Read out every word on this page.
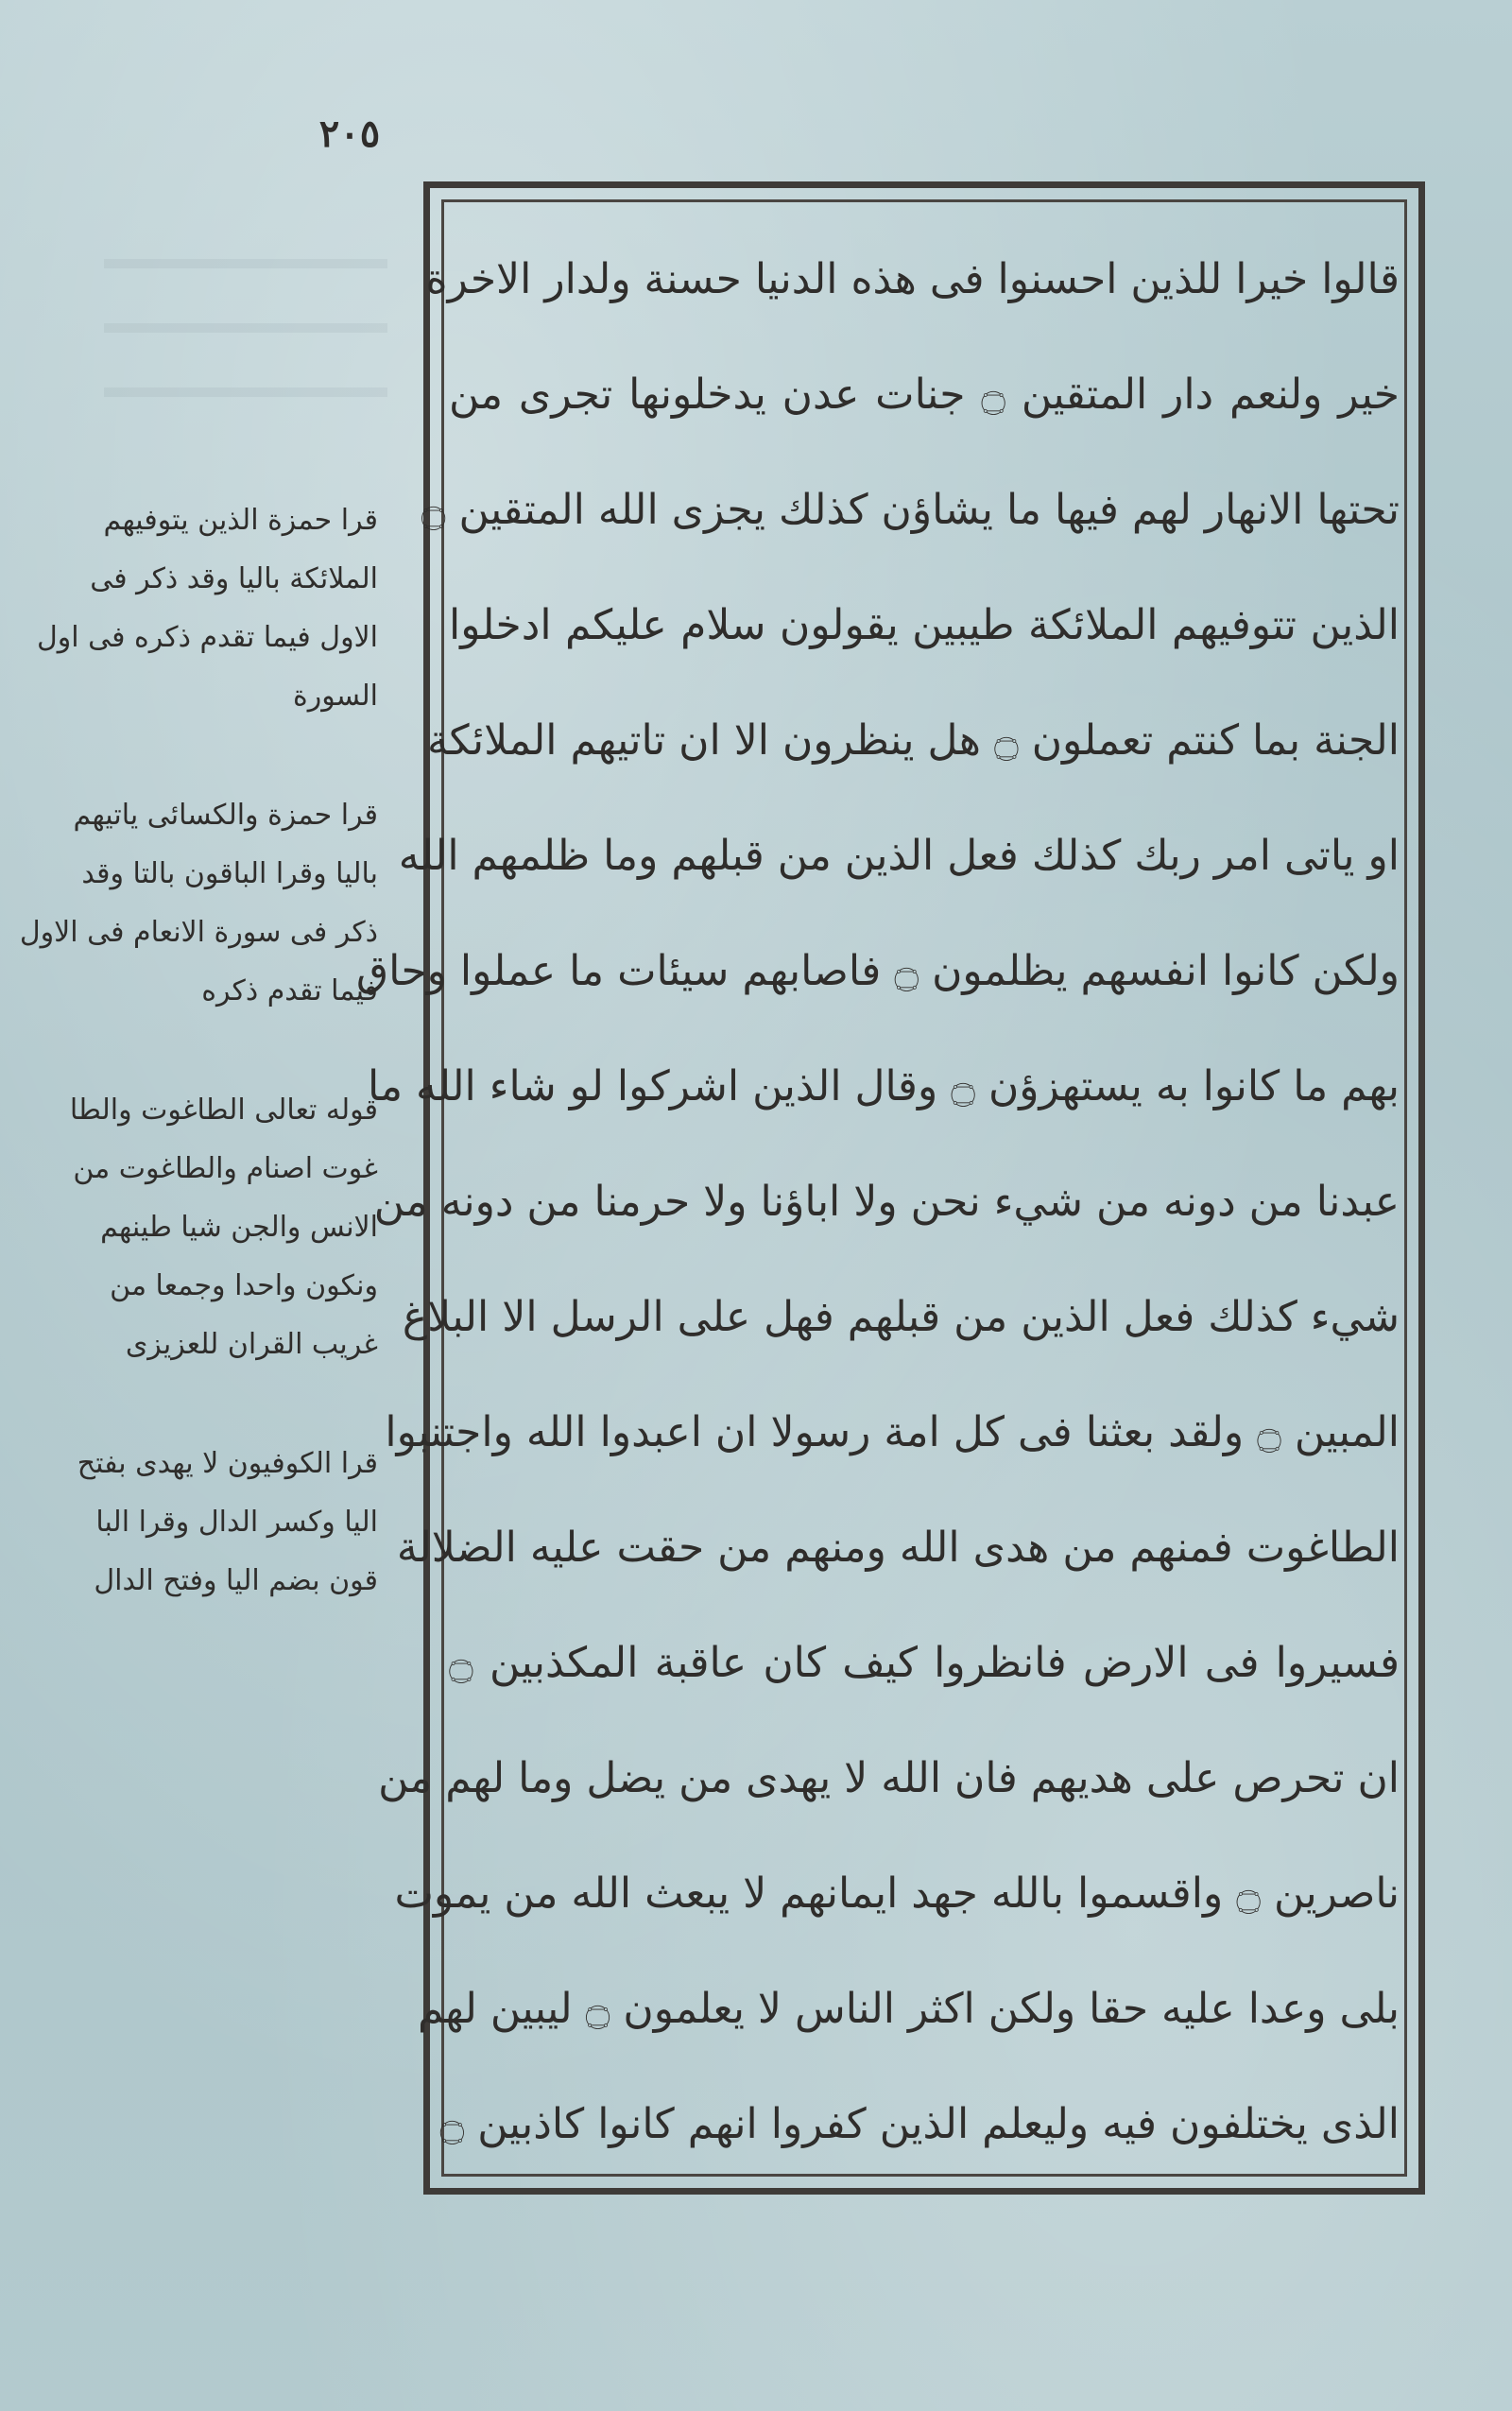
٢٠٥
قالوا خيرا للذين احسنوا فى هذه الدنيا حسنة ولدار الاخرة
خير ولنعم دار المتقين ۝ جنات عدن يدخلونها تجرى من
تحتها الانهار لهم فيها ما يشاؤن كذلك يجزى الله المتقين ۝
الذين تتوفيهم الملائكة طيبين يقولون سلام عليكم ادخلوا
الجنة بما كنتم تعملون ۝ هل ينظرون الا ان تاتيهم الملائكة
او ياتى امر ربك كذلك فعل الذين من قبلهم وما ظلمهم الله
ولكن كانوا انفسهم يظلمون ۝ فاصابهم سيئات ما عملوا وحاق
بهم ما كانوا به يستهزؤن ۝ وقال الذين اشركوا لو شاء الله ما
عبدنا من دونه من شيء نحن ولا اباؤنا ولا حرمنا من دونه من
شيء كذلك فعل الذين من قبلهم فهل على الرسل الا البلاغ
المبين ۝ ولقد بعثنا فى كل امة رسولا ان اعبدوا الله واجتنبوا
الطاغوت فمنهم من هدى الله ومنهم من حقت عليه الضلالة
فسيروا فى الارض فانظروا كيف كان عاقبة المكذبين ۝
ان تحرص على هديهم فان الله لا يهدى من يضل وما لهم من
ناصرين ۝ واقسموا بالله جهد ايمانهم لا يبعث الله من يموت
بلى وعدا عليه حقا ولكن اكثر الناس لا يعلمون ۝ ليبين لهم
الذى يختلفون فيه وليعلم الذين كفروا انهم كانوا كاذبين ۝
قرا حمزة الذين يتوفيهم
الملائكة باليا وقد ذكر فى
الاول فيما تقدم ذكره فى اول
السورة
قرا حمزة والكسائى ياتيهم
باليا وقرا الباقون بالتا وقد
ذكر فى سورة الانعام فى الاول
فيما تقدم ذكره
قوله تعالى الطاغوت والطا
غوت اصنام والطاغوت من
الانس والجن شيا طينهم
ونكون واحدا وجمعا من
غريب القران للعزيزى
قرا الكوفيون لا يهدى بفتح
اليا وكسر الدال وقرا البا
قون بضم اليا وفتح الدال
